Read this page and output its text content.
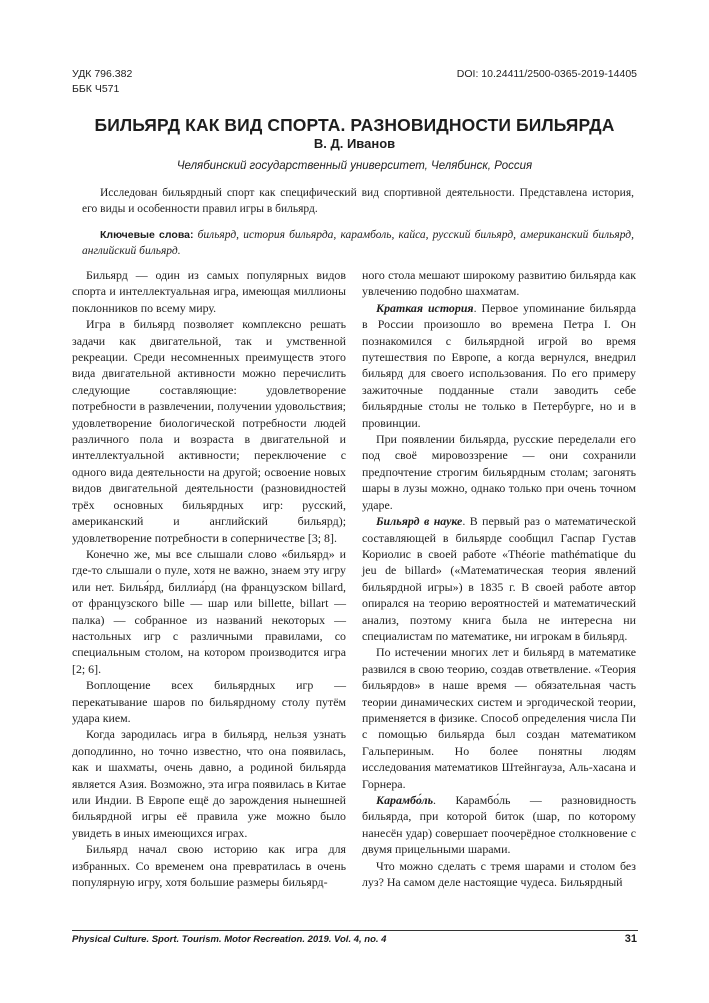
УДК 796.382
ББК Ч571
DOI: 10.24411/2500-0365-2019-14405
БИЛЬЯРД КАК ВИД СПОРТА. РАЗНОВИДНОСТИ БИЛЬЯРДА
В. Д. Иванов
Челябинский государственный университет, Челябинск, Россия
Исследован бильярдный спорт как специфический вид спортивной деятельности. Представлена история, его виды и особенности правил игры в бильярд.
Ключевые слова: бильярд, история бильярда, карамболь, кайса, русский бильярд, американский бильярд, английский бильярд.

Бильярд — один из самых популярных видов спорта и интеллектуальная игра, имеющая миллионы поклонников по всему миру.

Игра в бильярд позволяет комплексно решать задачи как двигательной, так и умственной рекреации. Среди несомненных преимуществ этого вида двигательной активности можно перечислить следующие составляющие: удовлетворение потребности в развлечении, получении удовольствия; удовлетворение биологической потребности людей различного пола и возраста в двигательной и интеллектуальной активности; переключение с одного вида деятельности на другой; освоение новых видов двигательной деятельности (разновидностей трёх основных бильярдных игр: русский, американский и английский бильярд); удовлетворение потребности в соперничестве [3; 8].

Конечно же, мы все слышали слово «бильярд» и где-то слышали о пуле, хотя не важно, знаем эту игру или нет. Билья́рд, биллиа́рд (на французском billard, от французского bille — шар или billette, billart — палка) — собранное из названий некоторых — настольных игр с различными правилами, со специальным столом, на котором производится игра [2; 6].

Воплощение всех бильярдных игр — перекатывание шаров по бильярдному столу путём удара кием.

Когда зародилась игра в бильярд, нельзя узнать доподлинно, но точно известно, что она появилась, как и шахматы, очень давно, а родиной бильярда является Азия. Возможно, эта игра появилась в Китае или Индии. В Европе ещё до зарождения нынешней бильярдной игры её правила уже можно было увидеть в иных имеющихся играх.

Бильярд начал свою историю как игра для избранных. Со временем она превратилась в очень популярную игру, хотя большие размеры бильярд-

ного стола мешают широкому развитию бильярда как увлечению подобно шахматам.

Краткая история. Первое упоминание бильярда в России произошло во времена Петра I. Он познакомился с бильярдной игрой во время путешествия по Европе, а когда вернулся, внедрил бильярд для своего использования. По его примеру зажиточные подданные стали заводить себе бильярдные столы не только в Петербурге, но и в провинции.

При появлении бильярда, русские переделали его под своё мировоззрение — они сохранили предпочтение строгим бильярдным столам; загонять шары в лузы можно, однако только при очень точном ударе.

Бильярд в науке. В первый раз о математической составляющей в бильярде сообщил Гаспар Густав Кориолис в своей работе «Théorie mathématique du jeu de billard» («Математическая теория явлений бильярдной игры») в 1835 г. В своей работе автор опирался на теорию вероятностей и математический анализ, поэтому книга была не интересна ни специалистам по математике, ни игрокам в бильярд.

По истечении многих лет и бильярд в математике развился в свою теорию, создав ответвление. «Теория бильярдов» в наше время — обязательная часть теории динамических систем и эргодической теории, применяется в физике. Способ определения числа Пи с помощью бильярда был создан математиком Гальпериным. Но более понятны людям исследования математиков Штейнгауза, Аль-хасана и Горнера.

Карамбо́ль. Карамбо́ль — разновидность бильярда, при которой биток (шар, по которому нанесён удар) совершает поочерёдное столкновение с двумя прицельными шарами.

Что можно сделать с тремя шарами и столом без луз? На самом деле настоящие чудеса. Бильярдный

Physical Culture. Sport. Tourism. Motor Recreation. 2019. Vol. 4, no. 4	31
